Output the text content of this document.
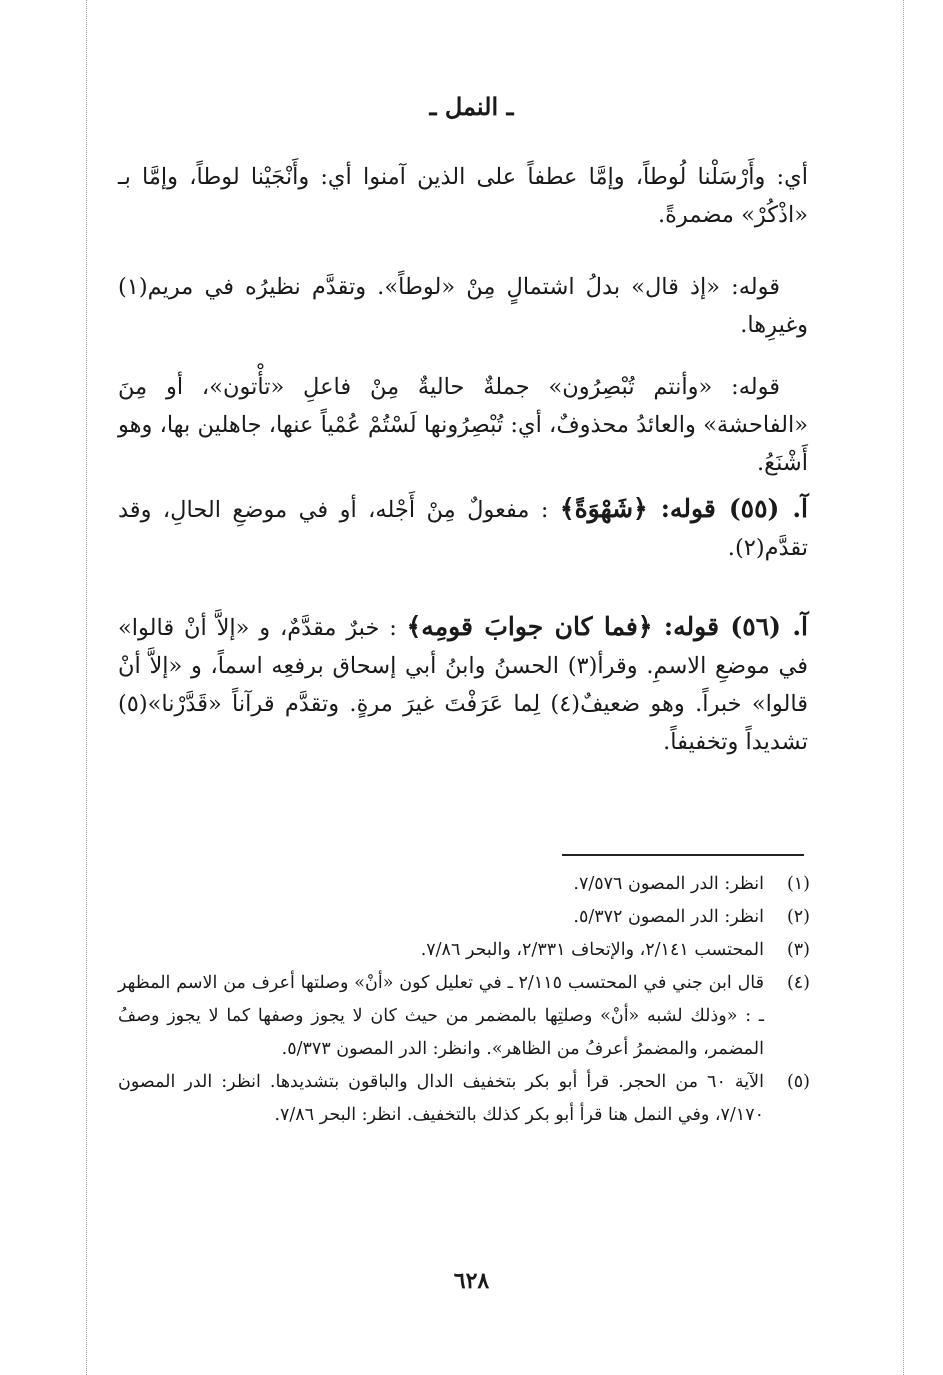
ـ النمل ـ

أي: وأَرْسَلْنا لُوطاً، وإمَّا عطفاً على الذين آمنوا أي: وأَنْجَيْنا لوطاً، وإمَّا بـ «اذْكُرْ» مضمرةً.

قوله: «إذ قال» بدلُ اشتمالٍ مِنْ «لوطاً». وتقدَّم نظيرُه في مريم(١) وغيرِها.

قوله: «وأنتم تُبْصِرُون» جملةٌ حاليةٌ مِنْ فاعلِ «تأْتون»، أو مِنَ «الفاحشة» والعائدُ محذوفٌ، أي: تُبْصِرُونها لَسْتُمْ عُمْياً عنها، جاهلين بها، وهو أَشْنَعُ.

آ. (٥٥) قوله: ﴿شَهْوَةً﴾ : مفعولٌ مِنْ أَجْله، أو في موضعِ الحالِ، وقد تقدَّم(٢).

آ. (٥٦) قوله: ﴿فما كان جوابَ قومِه﴾ : خبرٌ مقدَّمٌ، و «إلاَّ أنْ قالوا» في موضعِ الاسمِ. وقرأ(٣) الحسنُ وابنُ أبي إسحاق برفعِه اسماً، و «إلاَّ أنْ قالوا» خبراً. وهو ضعيفٌ(٤) لِما عَرَفْتَ غيرَ مرةٍ. وتقدَّم قرآناً «قَدَّرْنا»(٥) تشديداً وتخفيفاً.

(١)
انظر: الدر المصون ٧/٥٧٦.
(٢)
انظر: الدر المصون ٥/٣٧٢.
(٣)
المحتسب ٢/١٤١، والإتحاف ٢/٣٣١، والبحر ٧/٨٦.
(٤)
قال ابن جني في المحتسب ٢/١١٥ ـ في تعليل كون «أنْ» وصلتها أعرف من الاسم المظهر ـ : «وذلك لشبه «أنْ» وصلتِها بالمضمر من حيث كان لا يجوز وصفها كما لا يجوز وصفُ المضمر، والمضمرُ أعرفُ من الظاهر». وانظر: الدر المصون ٥/٣٧٣.
(٥)
الآية ٦٠ من الحجر. قرأ أبو بكر بتخفيف الدال والباقون بتشديدها. انظر: الدر المصون ٧/١٧٠، وفي النمل هنا قرأ أبو بكر كذلك بالتخفيف. انظر: البحر ٧/٨٦.
٦٢٨
